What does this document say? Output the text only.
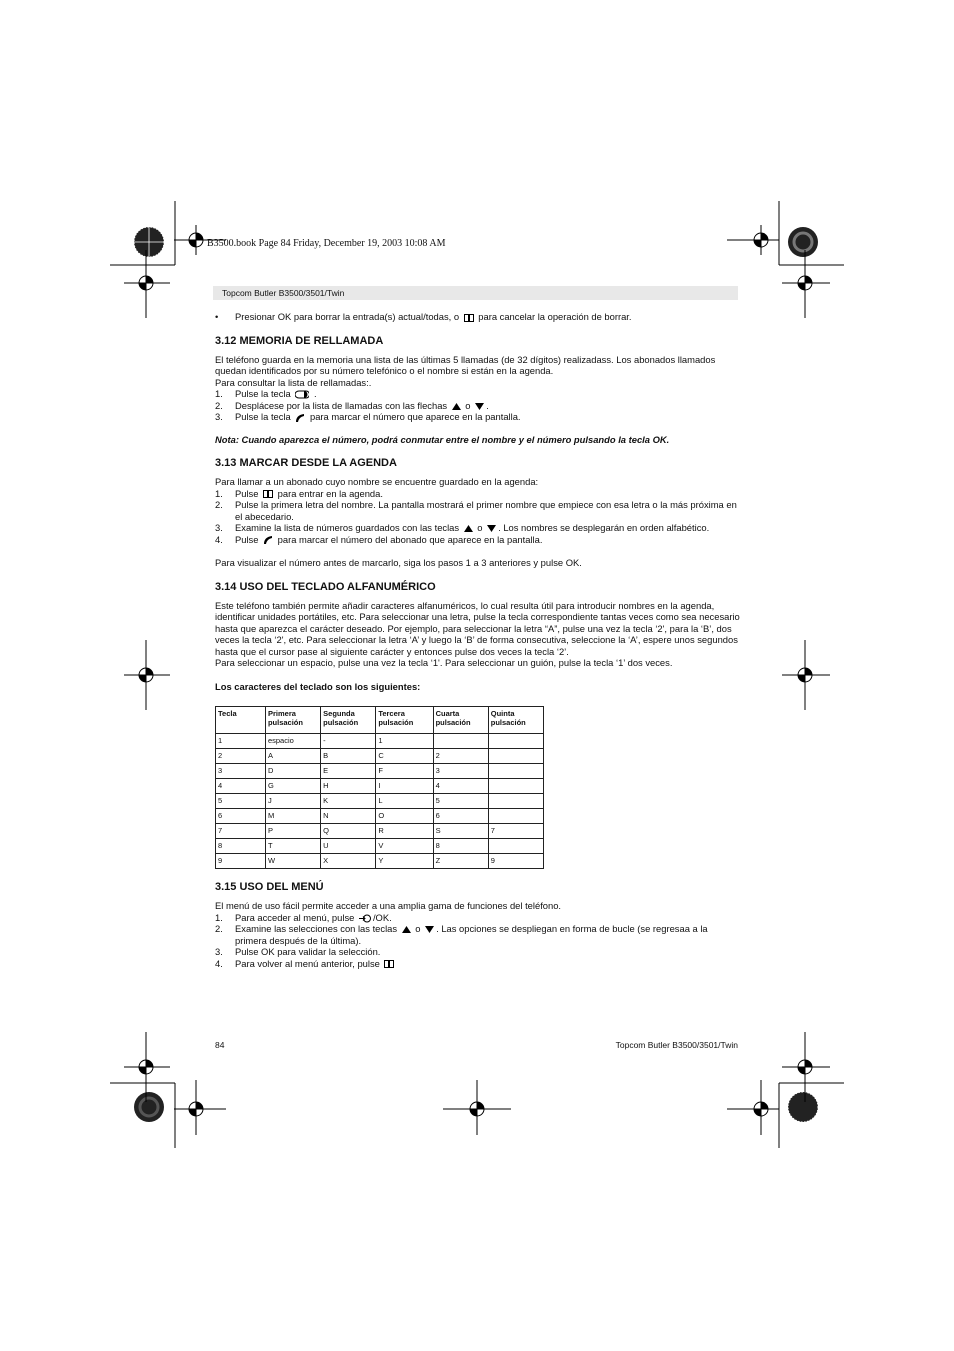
B3500.book Page 84 Friday, December 19, 2003 10:08 AM
Topcom Butler B3500/3501/Twin
•	Presionar OK para borrar la entrada(s) actual/todas, o  para cancelar la operación de borrar.
3.12 MEMORIA DE RELLAMADA

El teléfono guarda en la memoria una lista de las últimas 5 llamadas (de 32 dígitos) realizadass. Los abonados llamados quedan identificados por su número telefónico o el nombre si están en la agenda.

Para consultar la lista de rellamadas:.

1.	Pulse la tecla  .
2.	Desplácese por la lista de llamadas con las flechas  o .
3.	Pulse la tecla  para marcar el número que aparece en la pantalla.

Nota: Cuando aparezca el número, podrá conmutar entre el nombre y el número pulsando la tecla OK.

3.13 MARCAR DESDE LA AGENDA

Para llamar a un abonado cuyo nombre se encuentre guardado en la agenda:

1.	Pulse  para entrar en la agenda.
2.	Pulse la primera letra del nombre. La pantalla mostrará el primer nombre que empiece con esa letra o la más próxima en el abecedario.
3.	Examine la lista de números guardados con las teclas  o . Los nombres se desplegarán en orden alfabético.
4.	Pulse  para marcar el número del abonado que aparece en la pantalla.

Para visualizar el número antes de marcarlo, siga los pasos 1 a 3 anteriores y pulse OK.

3.14 USO DEL TECLADO ALFANUMÉRICO

Este teléfono también permite añadir caracteres alfanuméricos, lo cual resulta útil para introducir nombres en la agenda, identificar unidades portátiles, etc. Para seleccionar una letra, pulse la tecla correspondiente tantas veces como sea necesario hasta que aparezca el carácter deseado. Por ejemplo, para seleccionar la letra “A”, pulse una vez la tecla ‘2', para la ‘B’, dos veces la tecla ‘2', etc. Para seleccionar la letra ‘A’ y luego la ‘B’ de forma consecutiva, seleccione la ‘A’, espere unos segundos hasta que el cursor pase al siguiente carácter y entonces pulse dos veces la tecla ‘2’.

Para seleccionar un espacio, pulse una vez la tecla ‘1'. Para seleccionar un guión, pulse la tecla ‘1’ dos veces.

Los caracteres del teclado son los siguientes:

Tecla	Primera pulsación	Segunda pulsación	Tercera pulsación	Cuarta pulsación	Quinta pulsación
1	espacio	-	1		
2	A	B	C	2	
3	D	E	F	3	
4	G	H	I	4	
5	J	K	L	5	
6	M	N	O	6	
7	P	Q	R	S	7
8	T	U	V	8	
9	W	X	Y	Z	9
3.15 USO DEL MENÚ

El menú de uso fácil permite acceder a una amplia gama de funciones del teléfono.

1.	Para acceder al menú, pulse /OK.
2.	Examine las selecciones con las teclas  o . Las opciones se despliegan en forma de bucle (se regresaa a la primera después de la última).
3.	Pulse OK para validar la selección.
4.	Para volver al menú anterior, pulse
84	Topcom Butler B3500/3501/Twin
